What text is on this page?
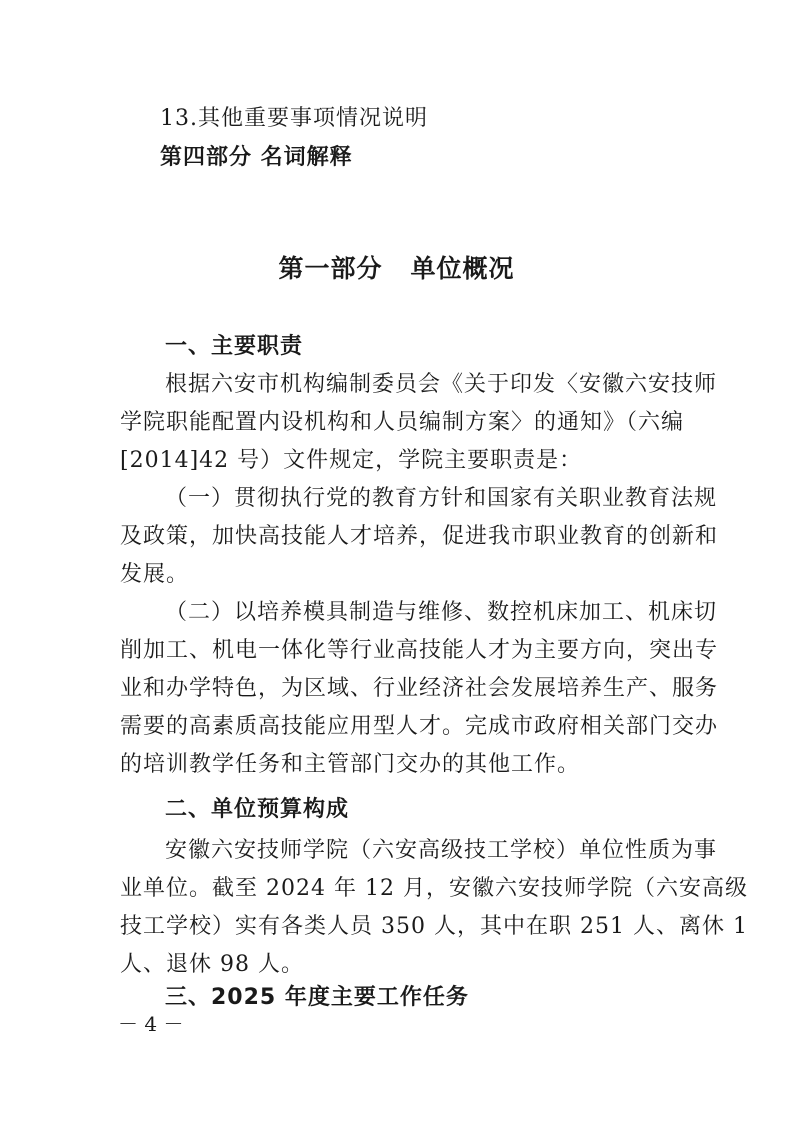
13.其他重要事项情况说明

第四部分 名词解释

第一部分 单位概况
一、主要职责

根据六安市机构编制委员会《关于印发〈安徽六安技师

学院职能配置内设机构和人员编制方案〉的通知》（六编

[2014]42 号）文件规定，学院主要职责是：

（一）贯彻执行党的教育方针和国家有关职业教育法规

及政策，加快高技能人才培养，促进我市职业教育的创新和

发展。

（二）以培养模具制造与维修、数控机床加工、机床切

削加工、机电一体化等行业高技能人才为主要方向，突出专

业和办学特色，为区域、行业经济社会发展培养生产、服务

需要的高素质高技能应用型人才。完成市政府相关部门交办

的培训教学任务和主管部门交办的其他工作。

二、单位预算构成

安徽六安技师学院（六安高级技工学校）单位性质为事

业单位。截至 2024 年 12 月，安徽六安技师学院（六安高级

技工学校）实有各类人员 350 人，其中在职 251 人、离休 1

人、退休 98 人。

三、2025 年度主要工作任务

－ 4 －
